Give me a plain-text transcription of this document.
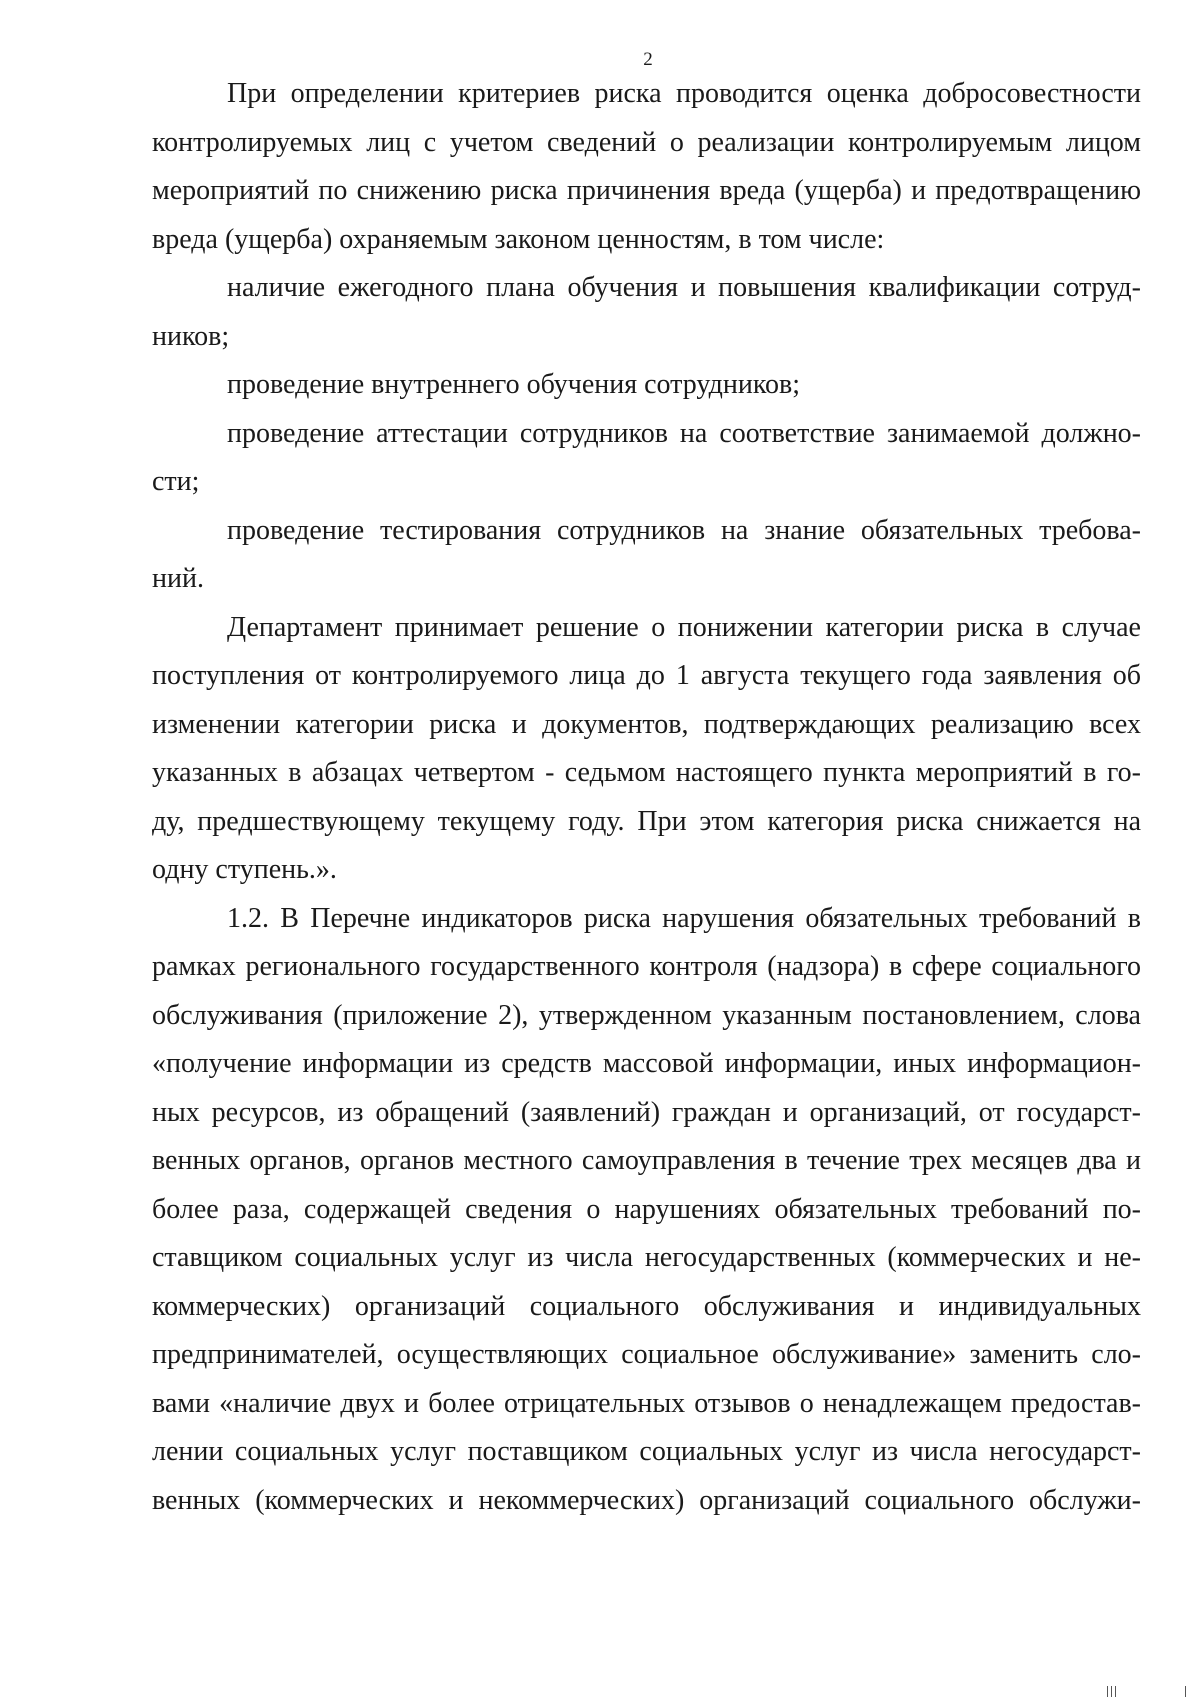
2

При определении критериев риска проводится оценка добросовестности
контролируемых лиц с учетом сведений о реализации контролируемым лицом
мероприятий по снижению риска причинения вреда (ущерба) и предотвращению
вреда (ущерба) охраняемым законом ценностям, в том числе:

наличие ежегодного плана обучения и повышения квалификации сотруд-
ников;

проведение внутреннего обучения сотрудников;

проведение аттестации сотрудников на соответствие занимаемой должно-
сти;

проведение тестирования сотрудников на знание обязательных требова-
ний.

Департамент принимает решение о понижении категории риска в случае
поступления от контролируемого лица до 1 августа текущего года заявления об
изменении категории риска и документов, подтверждающих реализацию всех
указанных в абзацах четвертом - седьмом настоящего пункта мероприятий в го-
ду, предшествующему текущему году. При этом категория риска снижается на
одну ступень.».

1.2. В Перечне индикаторов риска нарушения обязательных требований в
рамках регионального государственного контроля (надзора) в сфере социального
обслуживания (приложение 2), утвержденном указанным постановлением, слова
«получение информации из средств массовой информации, иных информацион-
ных ресурсов, из обращений (заявлений) граждан и организаций, от государст-
венных органов, органов местного самоуправления в течение трех месяцев два и
более раза, содержащей сведения о нарушениях обязательных требований по-
ставщиком социальных услуг из числа негосударственных (коммерческих и не-
коммерческих) организаций социального обслуживания и индивидуальных
предпринимателей, осуществляющих социальное обслуживание» заменить сло-
вами «наличие двух и более отрицательных отзывов о ненадлежащем предостав-
лении социальных услуг поставщиком социальных услуг из числа негосударст-
венных (коммерческих и некоммерческих) организаций социального обслужи-
